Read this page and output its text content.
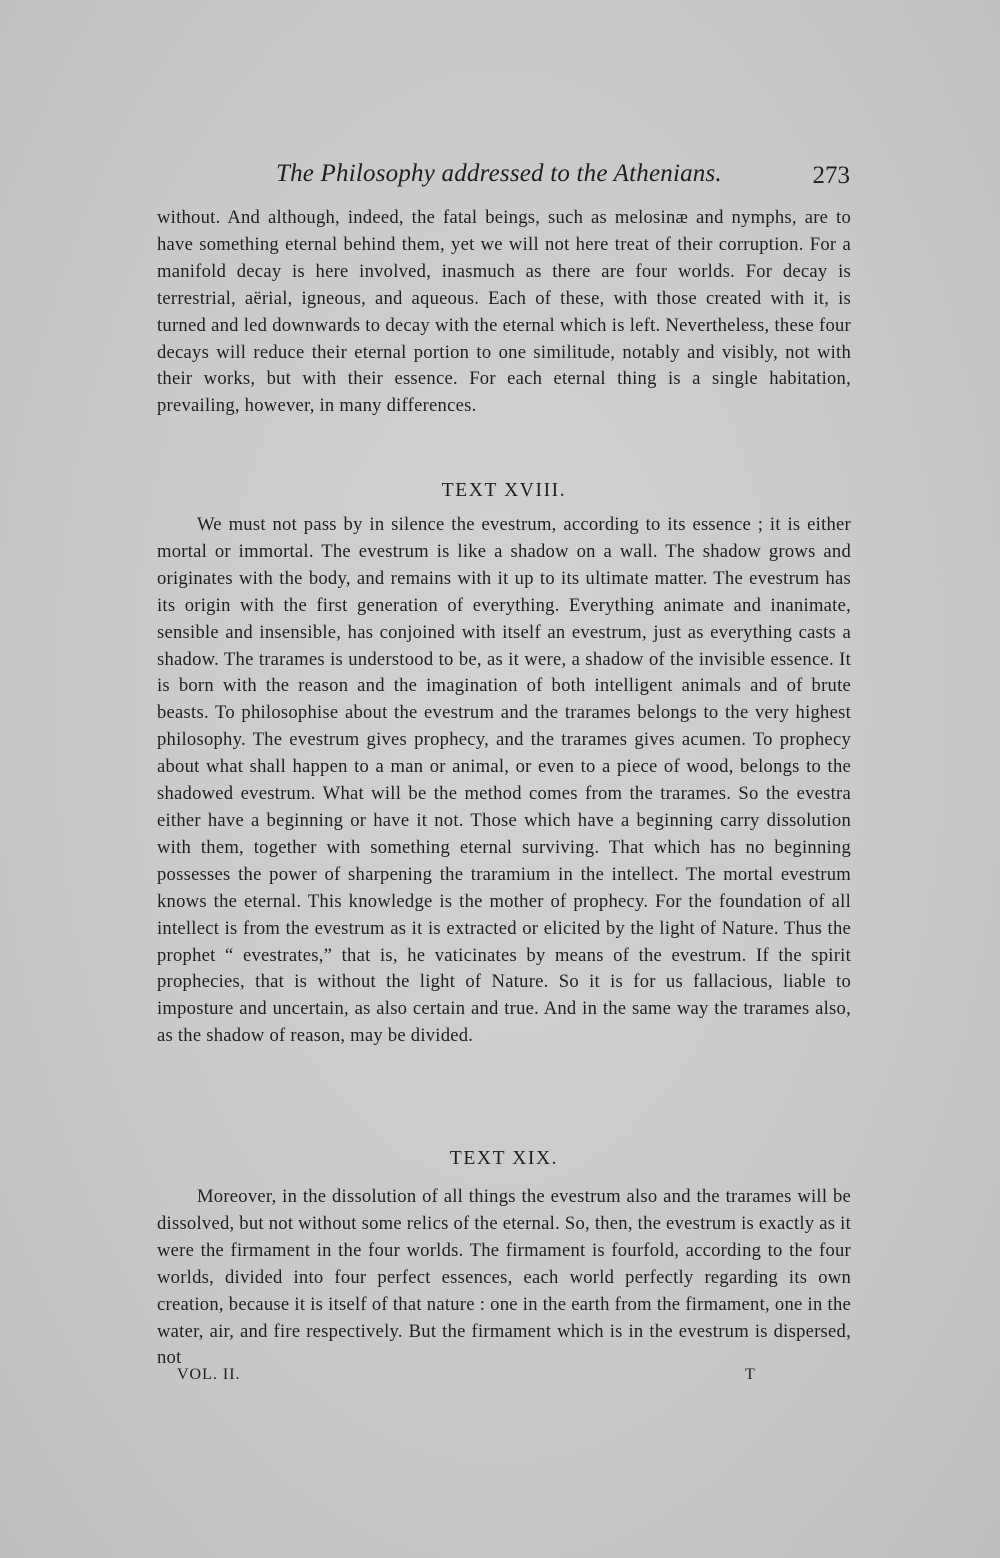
The Philosophy addressed to the Athenians.	273

without. And although, indeed, the fatal beings, such as melosinæ and nymphs, are to have something eternal behind them, yet we will not here treat of their corruption. For a manifold decay is here involved, inasmuch as there are four worlds. For decay is terrestrial, aërial, igneous, and aqueous. Each of these, with those created with it, is turned and led downwards to decay with the eternal which is left. Nevertheless, these four decays will reduce their eternal portion to one similitude, notably and visibly, not with their works, but with their essence. For each eternal thing is a single habitation, prevailing, however, in many differences.

TEXT XVIII.

We must not pass by in silence the evestrum, according to its essence ; it is either mortal or immortal. The evestrum is like a shadow on a wall. The shadow grows and originates with the body, and remains with it up to its ultimate matter. The evestrum has its origin with the first generation of everything. Everything animate and inanimate, sensible and insensible, has conjoined with itself an evestrum, just as everything casts a shadow. The trarames is understood to be, as it were, a shadow of the invisible essence. It is born with the reason and the imagination of both intelligent animals and of brute beasts. To philosophise about the evestrum and the trarames belongs to the very highest philosophy. The evestrum gives prophecy, and the trarames gives acumen. To prophecy about what shall happen to a man or animal, or even to a piece of wood, belongs to the shadowed evestrum. What will be the method comes from the trarames. So the evestra either have a beginning or have it not. Those which have a beginning carry dissolution with them, together with something eternal surviving. That which has no beginning possesses the power of sharpening the traramium in the intellect. The mortal evestrum knows the eternal. This knowledge is the mother of prophecy. For the foundation of all intellect is from the evestrum as it is extracted or elicited by the light of Nature. Thus the prophet “ evestrates,” that is, he vaticinates by means of the evestrum. If the spirit prophecies, that is without the light of Nature. So it is for us fallacious, liable to imposture and uncertain, as also certain and true. And in the same way the trarames also, as the shadow of reason, may be divided.

TEXT XIX.

Moreover, in the dissolution of all things the evestrum also and the trarames will be dissolved, but not without some relics of the eternal. So, then, the evestrum is exactly as it were the firmament in the four worlds. The firmament is fourfold, according to the four worlds, divided into four perfect essences, each world perfectly regarding its own creation, because it is itself of that nature : one in the earth from the firmament, one in the water, air, and fire respectively. But the firmament which is in the evestrum is dispersed, not

VOL. II.	T
